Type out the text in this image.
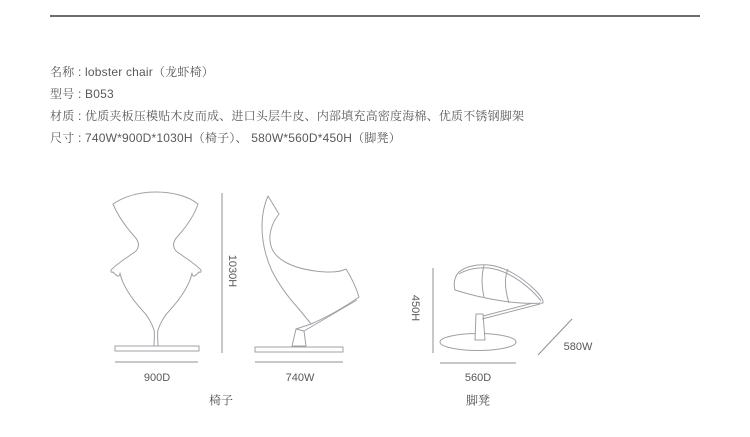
名称 : lobster chair（龙虾椅）
型号 : B053
材质 : 优质夹板压模贴木皮而成、进口头层牛皮、内部填充高密度海棉、优质不锈钢脚架
尺寸 : 740W*900D*1030H（椅子）、 580W*560D*450H（脚凳）
1030H
450H
900D	740W	560D
580W
椅子	脚凳
